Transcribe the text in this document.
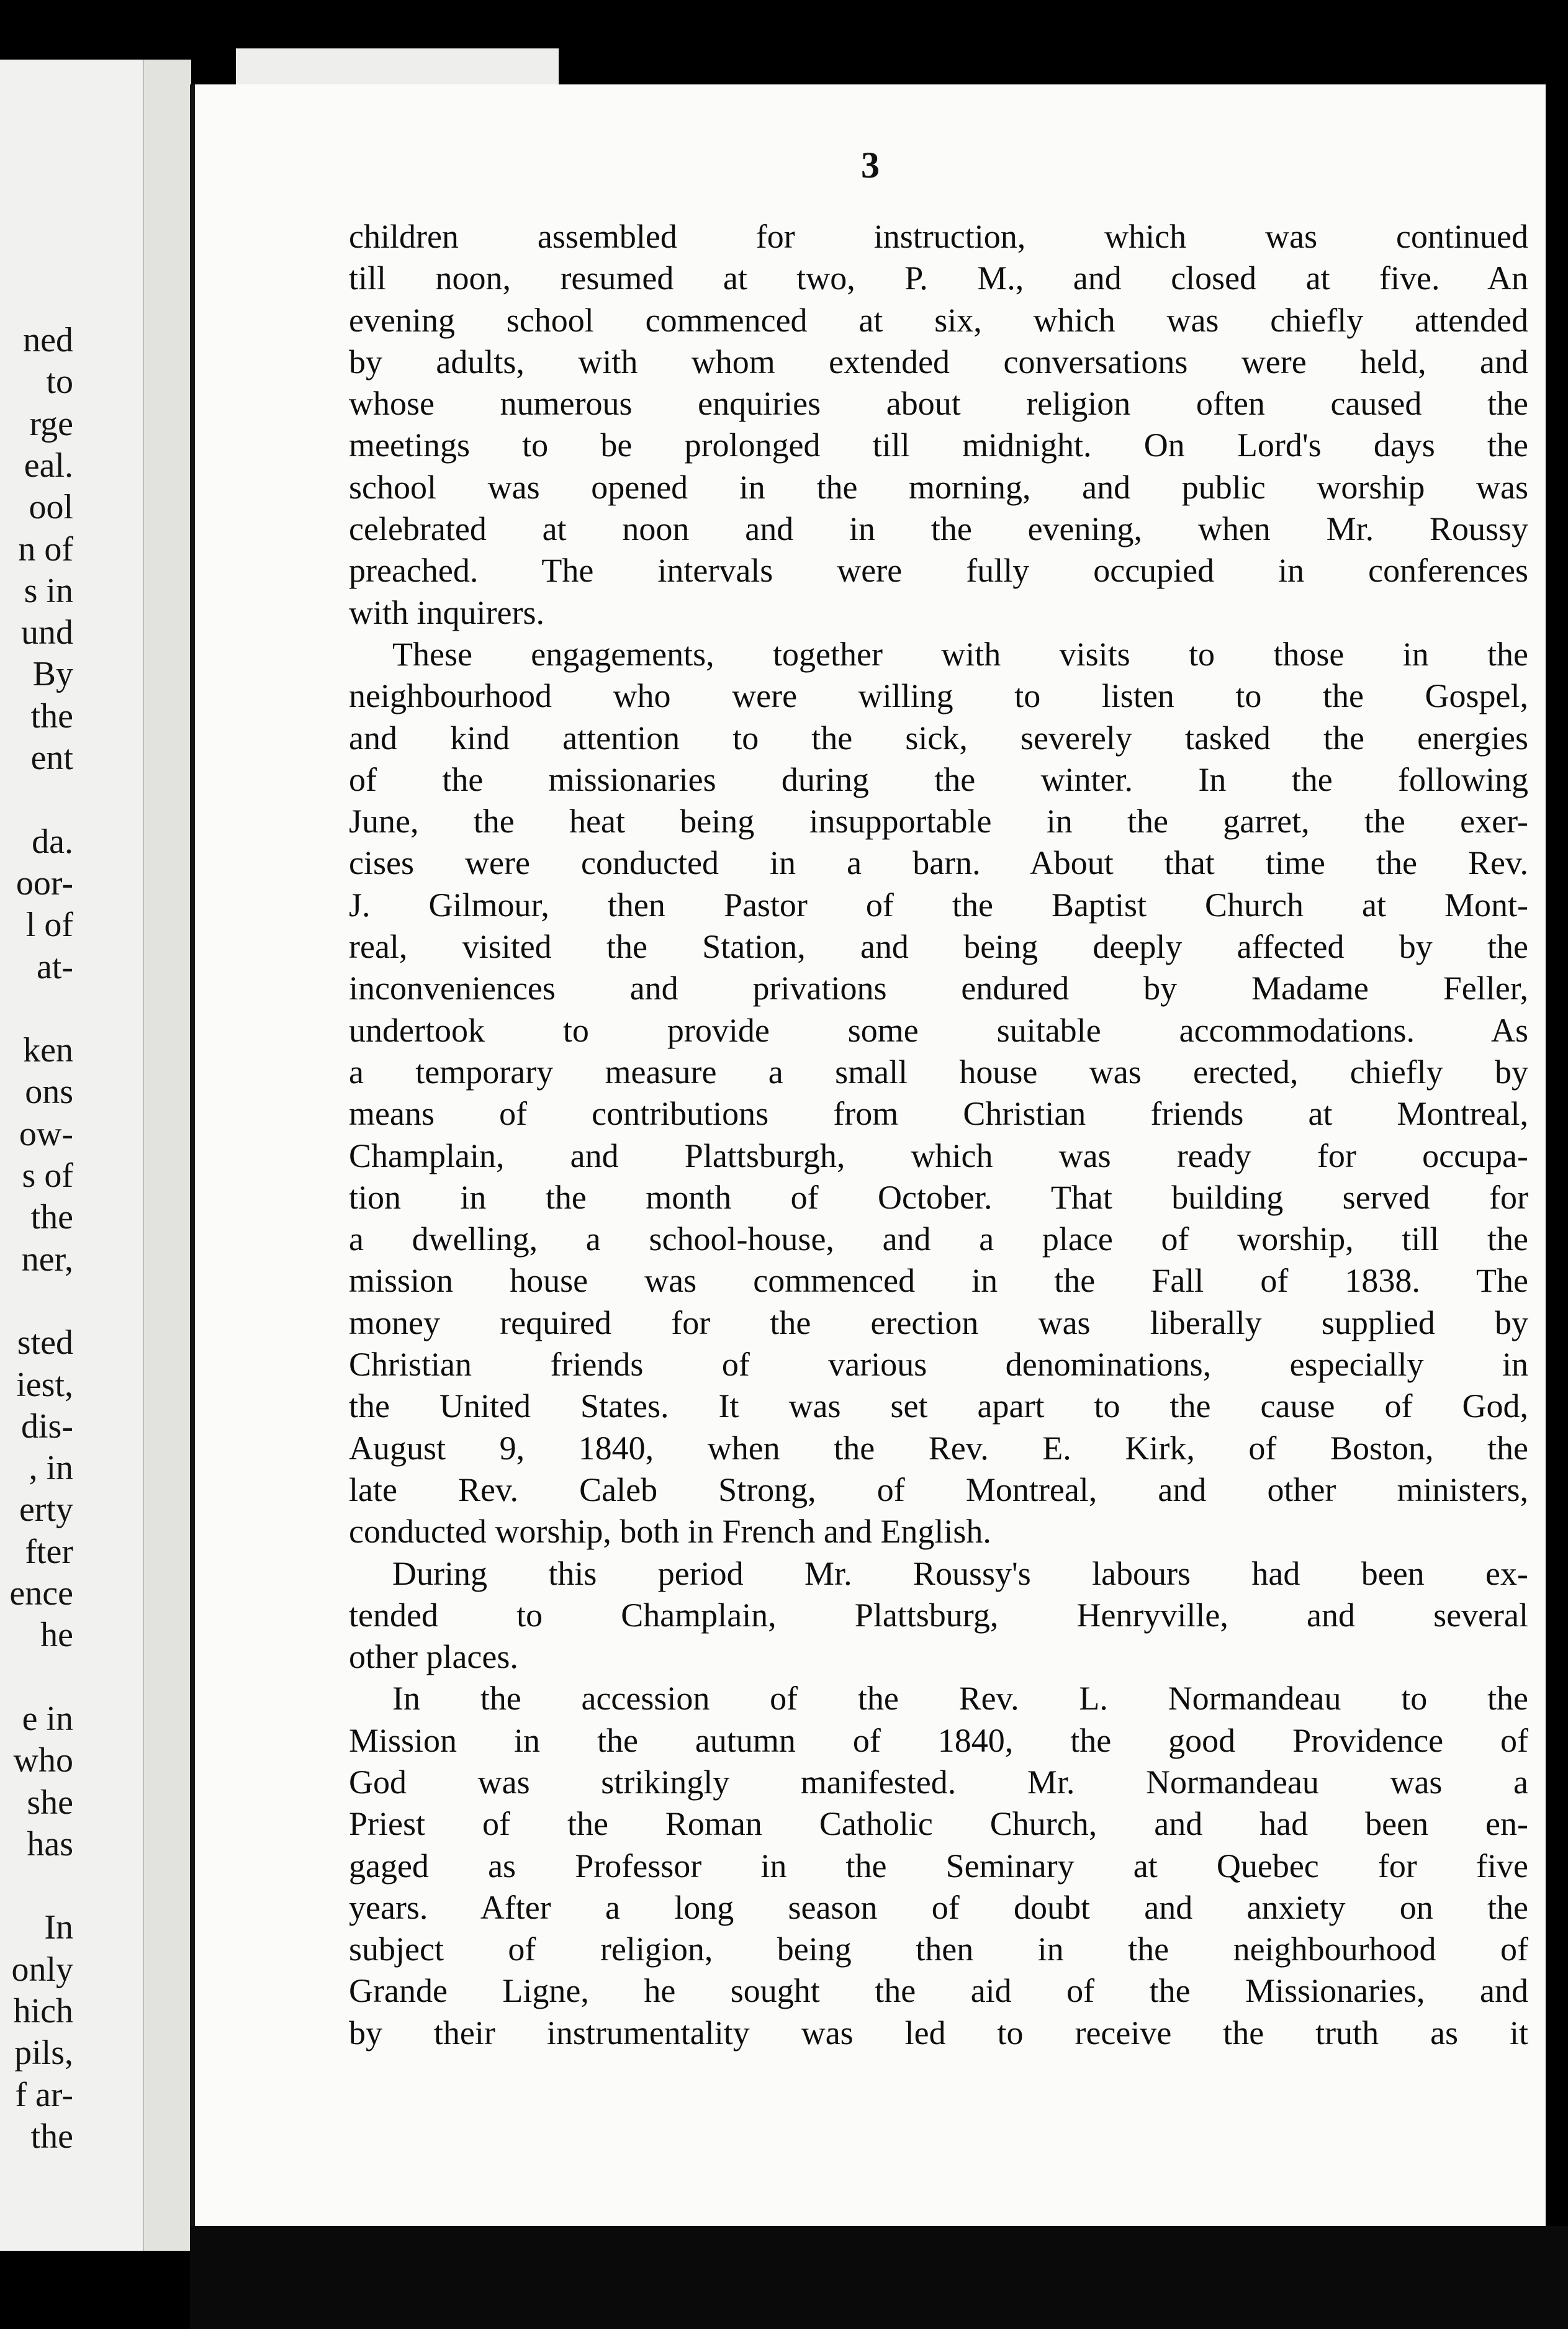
ned
to
rge
eal.
ool
n of
s in
und
By
the
ent
da.
oor-
l of
at-
ken
ons
ow-
s of
the
ner,
sted
iest,
dis-
, in
erty
fter
ence
he
e in
who
she
has
In
only
hich
pils,
f ar-
the
3
children assembled for instruction, which was continued
till noon, resumed at two, P. M., and closed at five. An
evening school commenced at six, which was chiefly attended
by adults, with whom extended conversations were held, and
whose numerous enquiries about religion often caused the
meetings to be prolonged till midnight. On Lord's days the
school was opened in the morning, and public worship was
celebrated at noon and in the evening, when Mr. Roussy
preached. The intervals were fully occupied in conferences
with inquirers.
These engagements, together with visits to those in the
neighbourhood who were willing to listen to the Gospel,
and kind attention to the sick, severely tasked the energies
of the missionaries during the winter. In the following
June, the heat being insupportable in the garret, the exer-
cises were conducted in a barn. About that time the Rev.
J. Gilmour, then Pastor of the Baptist Church at Mont-
real, visited the Station, and being deeply affected by the
inconveniences and privations endured by Madame Feller,
undertook to provide some suitable accommodations. As
a temporary measure a small house was erected, chiefly by
means of contributions from Christian friends at Montreal,
Champlain, and Plattsburgh, which was ready for occupa-
tion in the month of October. That building served for
a dwelling, a school-house, and a place of worship, till the
mission house was commenced in the Fall of 1838. The
money required for the erection was liberally supplied by
Christian friends of various denominations, especially in
the United States. It was set apart to the cause of God,
August 9, 1840, when the Rev. E. Kirk, of Boston, the
late Rev. Caleb Strong, of Montreal, and other ministers,
conducted worship, both in French and English.
During this period Mr. Roussy's labours had been ex-
tended to Champlain, Plattsburg, Henryville, and several
other places.
In the accession of the Rev. L. Normandeau to the
Mission in the autumn of 1840, the good Providence of
God was strikingly manifested. Mr. Normandeau was a
Priest of the Roman Catholic Church, and had been en-
gaged as Professor in the Seminary at Quebec for five
years. After a long season of doubt and anxiety on the
subject of religion, being then in the neighbourhood of
Grande Ligne, he sought the aid of the Missionaries, and
by their instrumentality was led to receive the truth as it
